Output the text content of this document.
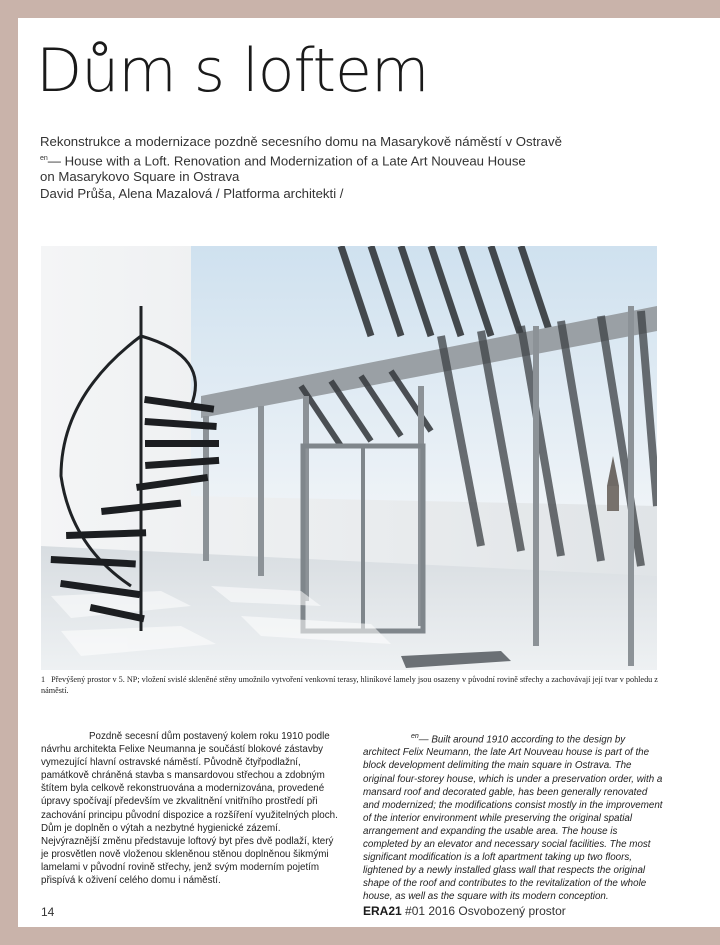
Dům s loftem
Rekonstrukce a modernizace pozdně secesního domu na Masarykově náměstí v Ostravě
$^{en}$— House with a Loft. Renovation and Modernization of a Late Art Nouveau House
on Masarykovo Square in Ostrava
David Průša, Alena Mazalová / Platforma architekti /
1 Převýšený prostor v 5. NP; vložení svislé skleněné stěny umožnilo vytvoření venkovní terasy, hliníkové lamely jsou osazeny v původní rovině střechy a zachovávají její tvar v pohledu z náměstí.
Pozdně secesní dům postavený kolem roku 1910 podle návrhu architekta Felixe Neumanna je součástí blokové zástavby vymezující hlavní ostravské náměstí. Původně čtyřpodlažní, památkově chráněná stavba s mansardovou střechou a zdobným štítem byla celkově rekonstruována a modernizována, provedené úpravy spočívají především ve zkvalitnění vnitřního prostředí při zachování principu původní dispozice a rozšíření využitelných ploch. Dům je doplněn o výtah a nezbytné hygienické zázemí. Nejvýraznější změnu představuje loftový byt přes dvě podlaží, který je prosvětlen nově vloženou skleněnou stěnou doplněnou šikmými lamelami v původní rovině střechy, jenž svým moderním pojetím přispívá k oživení celého domu i náměstí.
$^{en}$— Built around 1910 according to the design by architect Felix Neumann, the late Art Nouveau house is part of the block development delimiting the main square in Ostrava. The original four-storey house, which is under a preservation order, with a mansard roof and decorated gable, has been generally renovated and modernized; the modifications consist mostly in the improvement of the interior environment while preserving the original spatial arrangement and expanding the usable area. The house is completed by an elevator and necessary social facilities. The most significant modification is a loft apartment taking up two floors, lightened by a newly installed glass wall that respects the original shape of the roof and contributes to the revitalization of the whole house, as well as the square with its modern conception.
14	ERA21 #01 2016 Osvobozený prostor
